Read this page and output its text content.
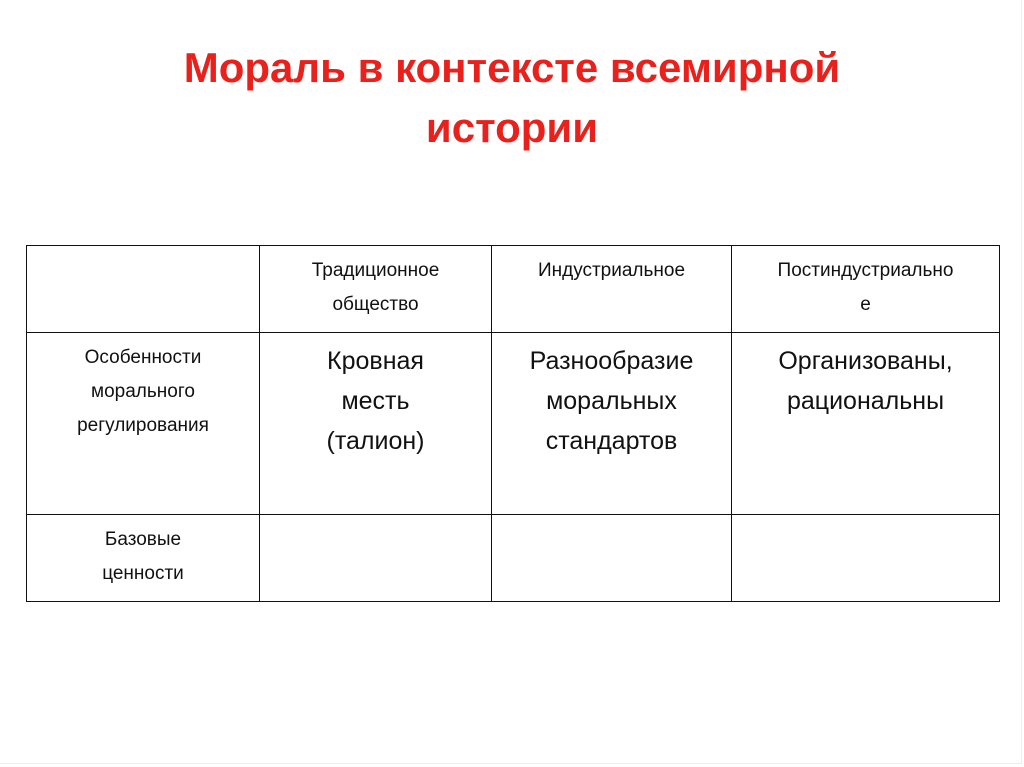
Мораль в контексте всемирной
истории
	Традиционное общество	Индустриальное	Постиндустриально
е
Особенности морального регулирования	Кровная месть (талион)	Разнообразие моральных стандартов	Организованы, рациональны
Базовые ценности			
